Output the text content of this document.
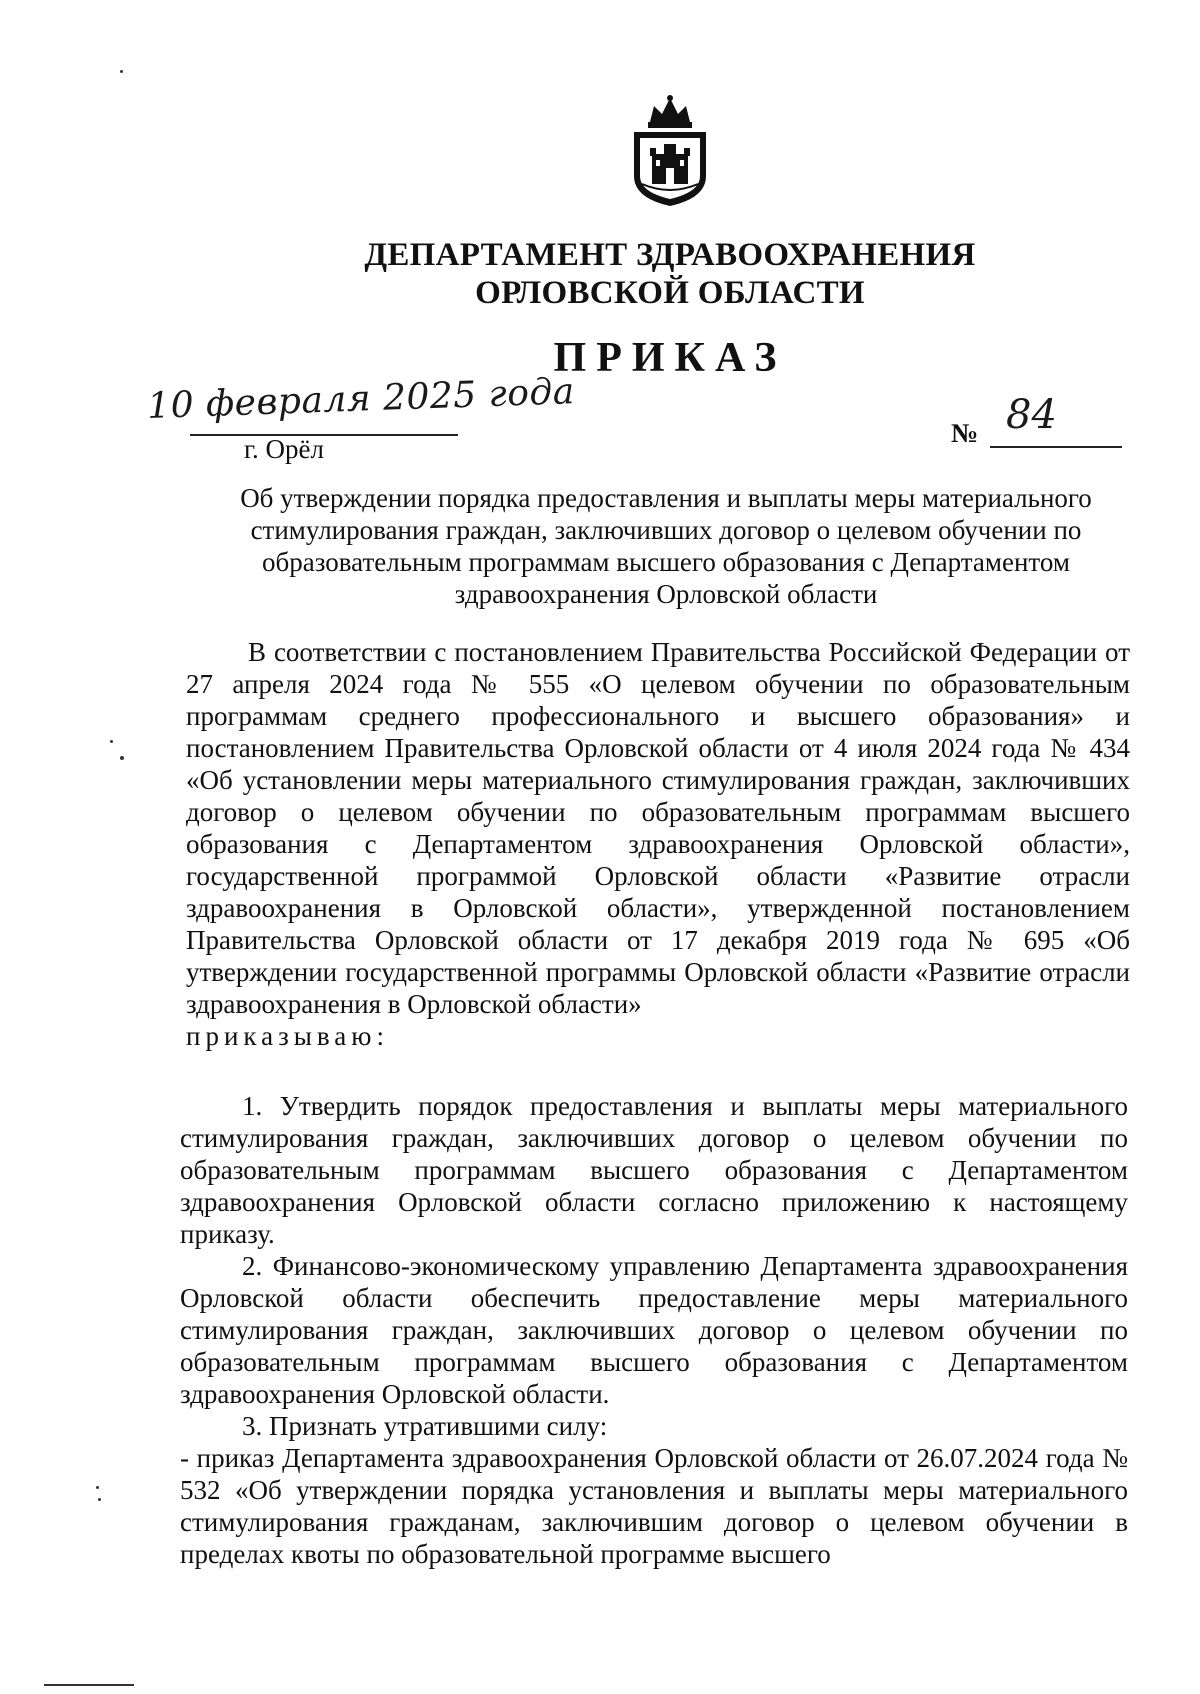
ДЕПАРТАМЕНТ ЗДРАВООХРАНЕНИЯ
ОРЛОВСКОЙ ОБЛАСТИ
ПРИКАЗ
10 февраля 2025 года
г. Орёл
№ 84

Об утверждении порядка предоставления и выплаты меры материального

стимулирования граждан, заключивших договор о целевом обучении по

образовательным программам высшего образования с Департаментом

здравоохранения Орловской области

В соответствии с постановлением Правительства Российской Федерации от 27 апреля 2024 года № 555 «О целевом обучении по образовательным программам среднего профессионального и высшего образования» и постановлением Правительства Орловской области от 4 июля 2024 года № 434 «Об установлении меры материального стимулирования граждан, заключивших договор о целевом обучении по образовательным программам высшего образования с Департаментом здравоохранения Орловской области», государственной программой Орловской области «Развитие отрасли здравоохранения в Орловской области», утвержденной постановлением Правительства Орловской области от 17 декабря 2019 года № 695 «Об утверждении государственной программы Орловской области «Развитие отрасли здравоохранения в Орловской области»

приказываю:

1. Утвердить порядок предоставления и выплаты меры материального стимулирования граждан, заключивших договор о целевом обучении по образовательным программам высшего образования с Департаментом здравоохранения Орловской области согласно приложению к настоящему приказу.

2. Финансово-экономическому управлению Департамента здравоохранения Орловской области обеспечить предоставление меры материального стимулирования граждан, заключивших договор о целевом обучении по образовательным программам высшего образования с Департаментом здравоохранения Орловской области.

3. Признать утратившими силу:

- приказ Департамента здравоохранения Орловской области от 26.07.2024 года № 532 «Об утверждении порядка установления и выплаты меры материального стимулирования гражданам, заключившим договор о целевом обучении в пределах квоты по образовательной программе высшего
